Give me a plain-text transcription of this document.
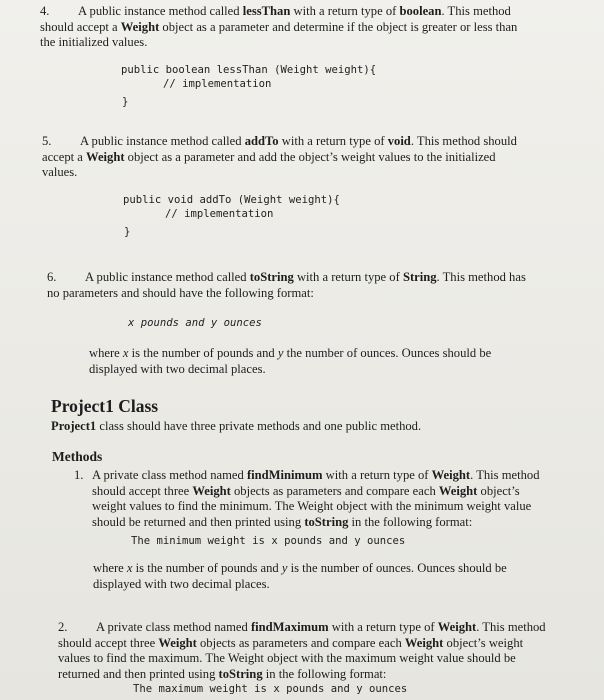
4. A public instance method called lessThan with a return type of boolean. This method

should accept a Weight object as a parameter and determine if the object is greater or less than

the initialized values.

public boolean lessThan (Weight weight){
// implementation
}

5. A public instance method called addTo with a return type of void. This method should

accept a Weight object as a parameter and add the object’s weight values to the initialized

values.

public void addTo (Weight weight){
// implementation
}

6. A public instance method called toString with a return type of String. This method has

no parameters and should have the following format:

x pounds and y ounces

where x is the number of pounds and y the number of ounces. Ounces should be

displayed with two decimal places.

Project1 Class

Project1 class should have three private methods and one public method.

Methods

1. A private class method named findMinimum with a return type of Weight. This method

should accept three Weight objects as parameters and compare each Weight object’s

weight values to find the minimum. The Weight object with the minimum weight value

should be returned and then printed using toString in the following format:

The minimum weight is x pounds and y ounces

where x is the number of pounds and y is the number of ounces. Ounces should be

displayed with two decimal places.

2. A private class method named findMaximum with a return type of Weight. This method

should accept three Weight objects as parameters and compare each Weight object’s weight

values to find the maximum. The Weight object with the maximum weight value should be

returned and then printed using toString in the following format:

The maximum weight is x pounds and y ounces
